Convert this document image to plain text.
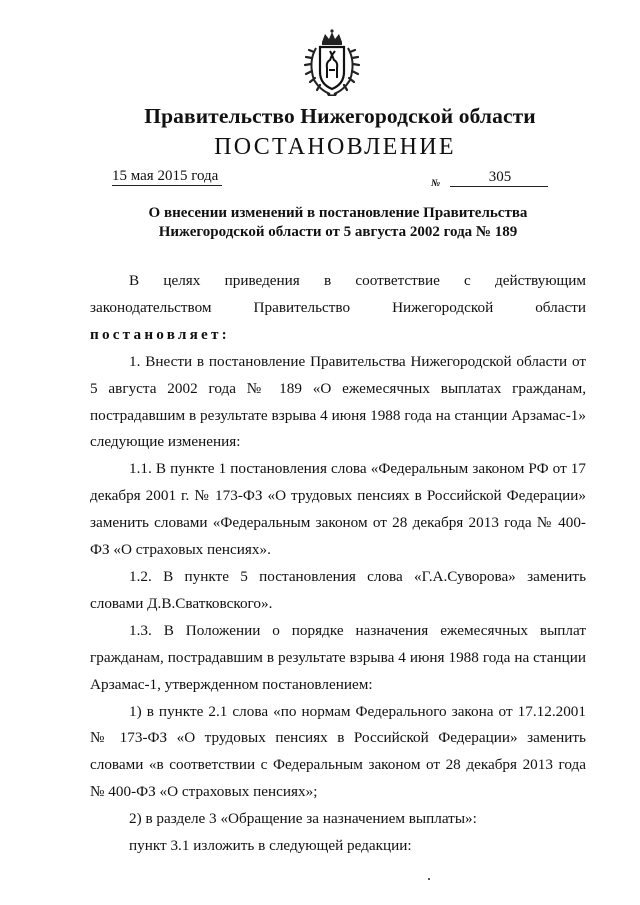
Правительство Нижегородской области
ПОСТАНОВЛЕНИЕ
15 мая 2015 года	№	305
О внесении изменений в постановление Правительства
Нижегородской области от 5 августа 2002 года № 189

В целях приведения в соответствие с действующим

законодательством Правительство Нижегородской области

постановляет:

1. Внести в постановление Правительства Нижегородской области от 5 августа 2002 года № 189 «О ежемесячных выплатах гражданам, пострадавшим в результате взрыва 4 июня 1988 года на станции Арзамас-1» следующие изменения:

1.1. В пункте 1 постановления слова «Федеральным законом РФ от 17 декабря 2001 г. № 173-ФЗ «О трудовых пенсиях в Российской Федерации» заменить словами «Федеральным законом от 28 декабря 2013 года № 400-ФЗ «О страховых пенсиях».

1.2. В пункте 5 постановления слова «Г.А.Суворова» заменить словами Д.В.Сватковского».

1.3. В Положении о порядке назначения ежемесячных выплат гражданам, пострадавшим в результате взрыва 4 июня 1988 года на станции Арзамас-1, утвержденном постановлением:

1) в пункте 2.1 слова «по нормам Федерального закона от 17.12.2001 № 173-ФЗ «О трудовых пенсиях в Российской Федерации» заменить словами «в соответствии с Федеральным законом от 28 декабря 2013 года № 400-ФЗ «О страховых пенсиях»;

2) в разделе 3 «Обращение за назначением выплаты»:

пункт 3.1 изложить в следующей редакции:
